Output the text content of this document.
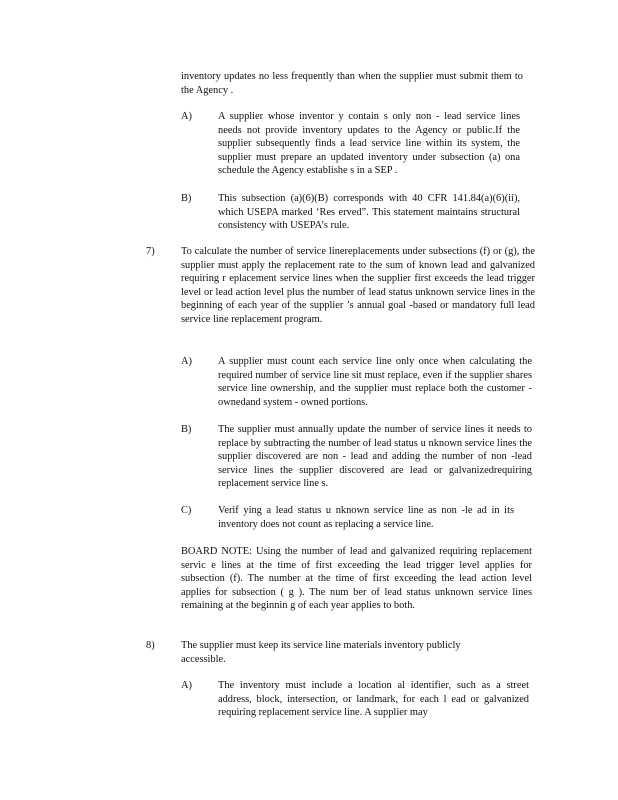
inventory updates no less frequently than when the supplier must submit them to the Agency .
A)	A supplier whose inventor y contain s only non - lead service lines needs not provide inventory updates to the Agency or public.If the supplier subsequently finds a lead service line within its system, the supplier must prepare an updated inventory under subsection (a) ona schedule the Agency establishe s in a SEP .
B)	This subsection (a)(6)(B) corresponds with 40 CFR 141.84(a)(6)(ii), which USEPA marked ‘Res erved”. This statement maintains structural consistency with USEPA’s rule.
7)	To calculate the number of service linereplacements under subsections (f) or (g), the supplier must apply the replacement rate to the sum of known lead and galvanized requiring r eplacement service lines when the supplier first exceeds the lead trigger level or lead action level plus the number of lead status unknown service lines in the beginning of each year of the supplier ’s annual goal -based or mandatory full lead service line replacement program.
A)	A supplier must count each service line only once when calculating the required number of service line sit must replace, even if the supplier shares service line ownership, and the supplier must replace both the customer - ownedand system - owned portions.
B)	The supplier must annually update the number of service lines it needs to replace by subtracting the number of lead status u nknown service lines the supplier discovered are non - lead and adding the number of non -lead service lines the supplier discovered are lead or galvanizedrequiring replacement service line s.
C)	Verif ying a lead status u nknown service line as non -le ad in its inventory does not count as replacing a service line.
BOARD NOTE: Using the number of lead and galvanized requiring replacement servic e lines at the time of first exceeding the lead trigger level applies for subsection (f). The number at the time of first exceeding the lead action level applies for subsection ( g ). The num ber of lead status unknown service lines remaining at the beginnin g of each year applies to both.
8)	The supplier must keep its service line materials inventory publicly accessible.
A)	The inventory must include a location al identifier, such as a street address, block, intersection, or landmark, for each l ead or galvanized requiring replacement service line. A supplier may
